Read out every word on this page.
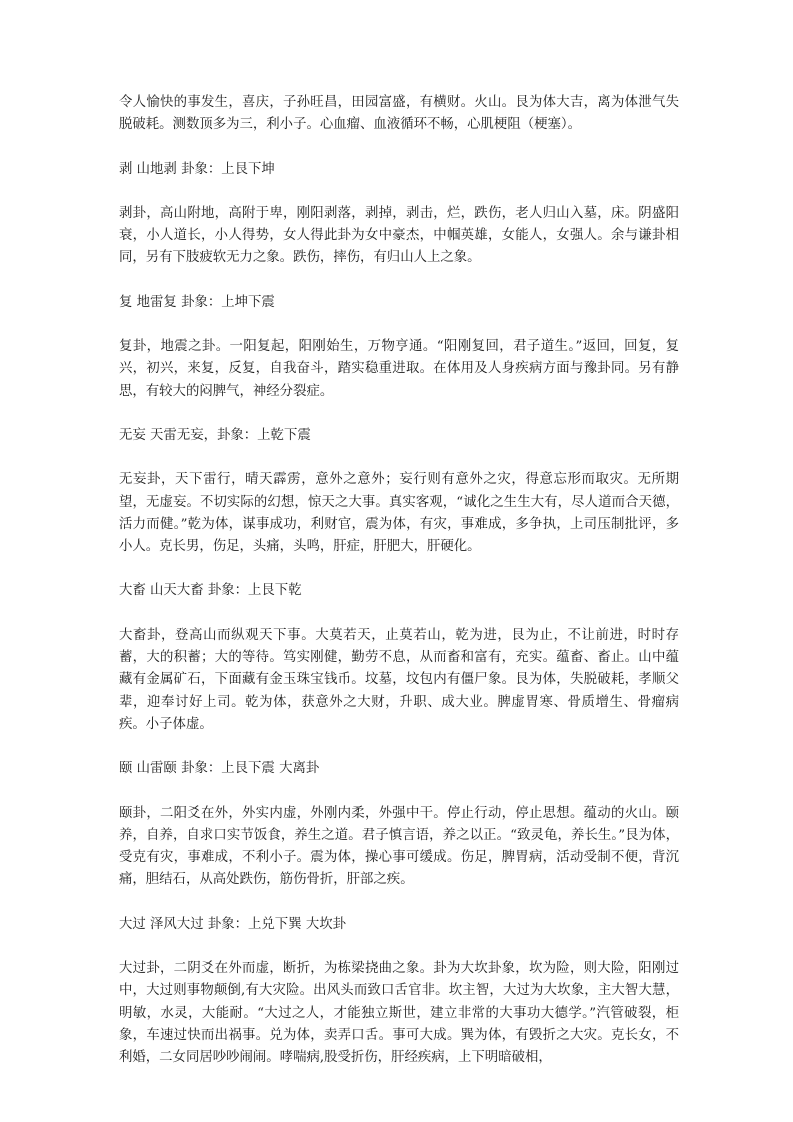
令人愉快的事发生，喜庆，子孙旺昌，田园富盛，有横财。火山。艮为体大吉，离为体泄气失脱破耗。测数顶多为三，利小子。心血瘤、血液循环不畅，心肌梗阻（梗塞）。

剥 山地剥 卦象：上艮下坤

剥卦，高山附地，高附于卑，刚阳剥落，剥掉，剥击，烂，跌伤，老人归山入墓，床。阴盛阳衰，小人道长，小人得势，女人得此卦为女中豪杰，中帼英雄，女能人，女强人。余与谦卦相同，另有下肢疲软无力之象。跌伤，摔伤，有归山人上之象。

复 地雷复 卦象：上坤下震

复卦，地震之卦。一阳复起，阳刚始生，万物亨通。“阳刚复回，君子道生。”返回，回复，复兴，初兴，来复，反复，自我奋斗，踏实稳重进取。在体用及人身疾病方面与豫卦同。另有静思，有较大的闷脾气，神经分裂症。

无妄 天雷无妄，卦象：上乾下震

无妄卦，天下雷行，晴天霹雳，意外之意外；妄行则有意外之灾，得意忘形而取灾。无所期望，无虚妄。不切实际的幻想，惊天之大事。真实客观，“诚化之生生大有，尽人道而合天德，活力而健。”乾为体，谋事成功，利财官，震为体，有灾，事难成，多争执，上司压制批评，多小人。克长男，伤足，头痛，头鸣，肝症，肝肥大，肝硬化。

大畜 山天大畜 卦象：上艮下乾

大畜卦，登高山而纵观天下事。大莫若天，止莫若山，乾为进，艮为止，不让前进，时时存蓄，大的积蓄；大的等待。笃实刚健，勤劳不息，从而畜和富有，充实。蕴畜、畜止。山中蕴藏有金属矿石，下面藏有金玉珠宝钱币。坟墓，坟包内有僵尸象。艮为体，失脱破耗，孝顺父辈，迎奉讨好上司。乾为体，获意外之大财，升职、成大业。脾虚胃寒、骨质增生、骨瘤病疾。小子体虚。

颐 山雷颐 卦象：上艮下震 大离卦

颐卦，二阳爻在外，外实内虚，外刚内柔，外强中干。停止行动，停止思想。蕴动的火山。颐养，自养，自求口实节饭食，养生之道。君子慎言语，养之以正。“致灵龟，养长生。”艮为体，受克有灾，事难成，不利小子。震为体，操心事可缓成。伤足，脾胃病，活动受制不便，背沉痛，胆结石，从高处跌伤，筋伤骨折，肝部之疾。

大过 泽风大过 卦象：上兑下巽 大坎卦

大过卦，二阴爻在外而虚，断折，为栋梁挠曲之象。卦为大坎卦象，坎为险，则大险，阳刚过中，大过则事物颠倒,有大灾险。出风头而致口舌官非。坎主智，大过为大坎象，主大智大慧，明敏，水灵，大能耐。“大过之人，才能独立斯世，建立非常的大事功大德学。”汽管破裂，柜象，车速过快而出祸事。兑为体，卖弄口舌。事可大成。巽为体，有毁折之大灾。克长女，不利婚，二女同居吵吵闹闹。哮喘病,股受折伤，肝经疾病，上下明暗破相，
